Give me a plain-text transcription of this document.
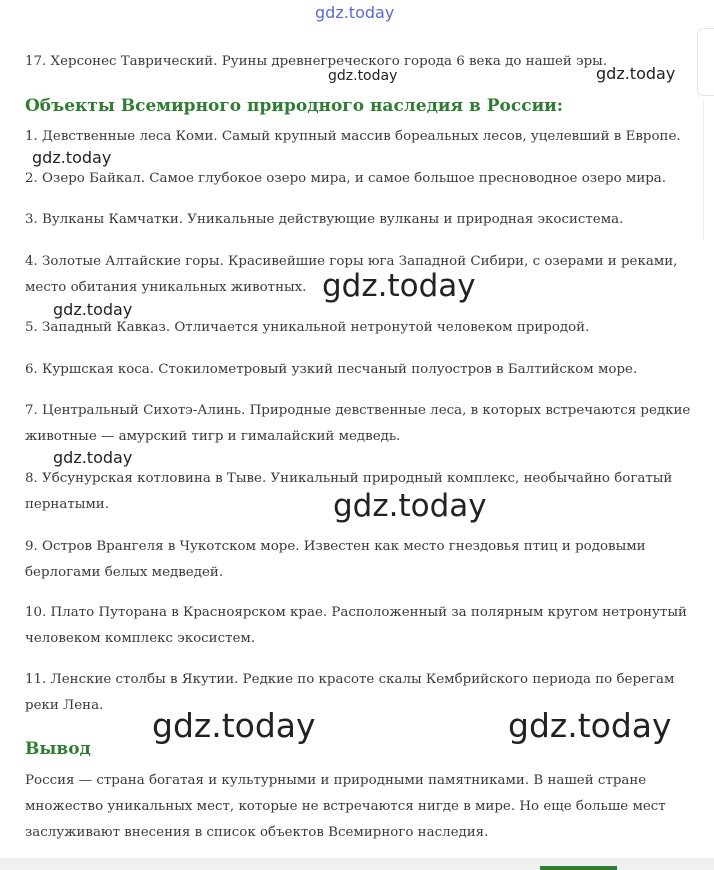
gdz.today

17. Херсонес Таврический. Руины древнегреческого города 6 века до нашей эры.

gdz.today	gdz.today
Объекты Всемирного природного наследия в России:

1. Девственные леса Коми. Самый крупный массив бореальных лесов, уцелевший в Европе.

gdz.today

2. Озеро Байкал. Самое глубокое озеро мира, и самое большое пресноводное озеро мира.

3. Вулканы Камчатки. Уникальные действующие вулканы и природная экосистема.

4. Золотые Алтайские горы. Красивейшие горы юга Западной Сибири, с озерами и реками, место обитания уникальных животных. gdz.today
gdz.today

5. Западный Кавказ. Отличается уникальной нетронутой человеком природой.

6. Куршская коса. Стокилометровый узкий песчаный полуостров в Балтийском море.

7. Центральный Сихотэ-Алинь. Природные девственные леса, в которых встречаются редкие животные — амурский тигр и гималайский медведь.

gdz.today

8. Убсунурская котловина в Тыве. Уникальный природный комплекс, необычайно богатый пернатыми.	gdz.today

9. Остров Врангеля в Чукотском море. Известен как место гнездовья птиц и родовыми берлогами белых медведей.

10. Плато Путорана в Красноярском крае. Расположенный за полярным кругом нетронутый человеком комплекс экосистем.

11. Ленские столбы в Якутии. Редкие по красоте скалы Кембрийского периода по берегам реки Лена.

gdz.today	gdz.today
Вывод

Россия — страна богатая и культурными и природными памятниками. В нашей стране множество уникальных мест, которые не встречаются нигде в мире. Но еще больше мест заслуживают внесения в список объектов Всемирного наследия.
